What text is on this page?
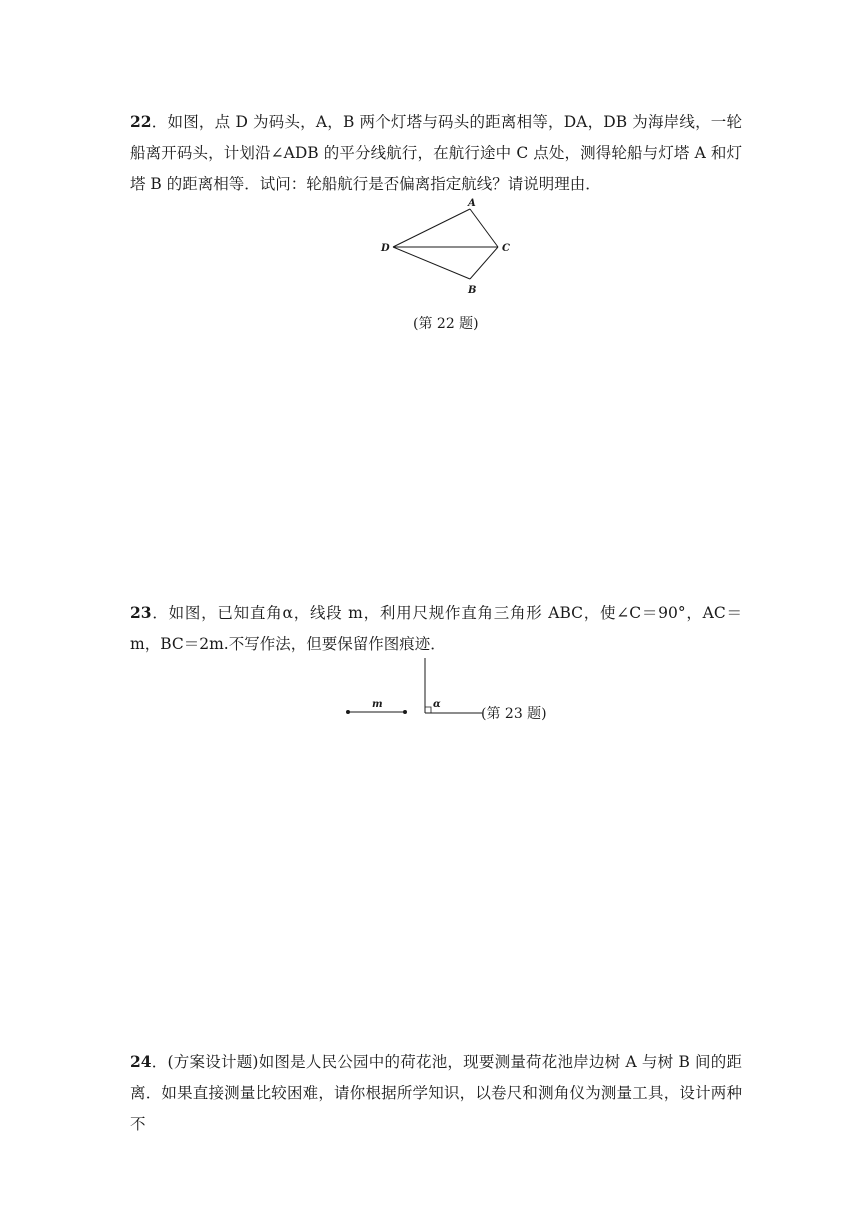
22．如图，点 D 为码头，A，B 两个灯塔与码头的距离相等，DA，DB 为海岸线，一轮船离开码头，计划沿∠ADB 的平分线航行，在航行途中 C 点处，测得轮船与灯塔 A 和灯塔 B 的距离相等．试问：轮船航行是否偏离指定航线？请说明理由．

A
D	C
B
(第 22 题)

23．如图，已知直角α，线段 m，利用尺规作直角三角形 ABC，使∠C＝90°，AC＝m，BC＝2m.不写作法，但要保留作图痕迹．

m	α
(第 23 题)

24．(方案设计题)如图是人民公园中的荷花池，现要测量荷花池岸边树 A 与树 B 间的距离．如果直接测量比较困难，请你根据所学知识，以卷尺和测角仪为测量工具，设计两种不
